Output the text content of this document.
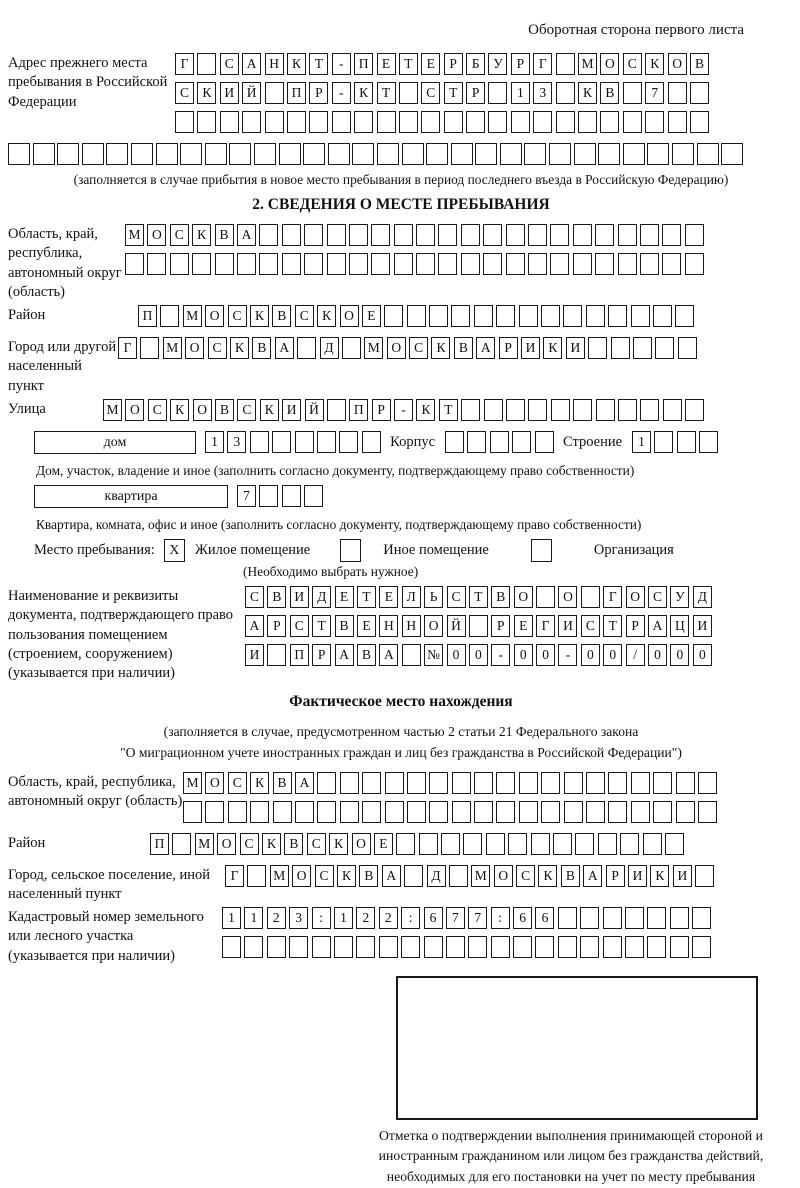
Оборотная сторона первого листа
Адрес прежнего места пребывания в Российской Федерации
Г	С А Н К Т - П Е Т Е Р Б У Р Г	М О С К О В
С К И Й	П Р - К Т	С Т Р	1 3	К В	7
(заполняется в случае прибытия в новое место пребывания в период последнего въезда в Российскую Федерацию)
2. СВЕДЕНИЯ О МЕСТЕ ПРЕБЫВАНИЯ
Область, край, республика, автономный округ (область)
М О С К В А
Район	П	М О С К В С К О Е
Город или другой населенный пункт
Г	М О С К В А	Д	М О С К В А Р И К И
Улица	М О С К О В С К И Й	П Р - К Т
дом	1 3	Корпус	Строение	1
Дом, участок, владение и иное (заполнить согласно документу, подтверждающему право собственности)
квартира	7
Квартира, комната, офис и иное (заполнить согласно документу, подтверждающему право собственности)
Место пребывания:	X	Жилое помещение	Иное помещение	Организация
(Необходимо выбрать нужное)
Наименование и реквизиты документа, подтверждающего право пользования помещением (строением, сооружением) (указывается при наличии)
С В И Д Е Т Е Л Ь С Т В О	О	Г О С У Д
А Р С Т В Е Н Н О Й	Р Е Г И С Т Р А Ц И
И	П Р А В А № 0 0 - 0 0 - 0 0 / 0 0 0
Фактическое место нахождения
(заполняется в случае, предусмотренном частью 2 статьи 21 Федерального закона
"О миграционном учете иностранных граждан и лиц без гражданства в Российской Федерации")
Область, край, республика, автономный округ (область)
М О С К В А
Район	П	М О С К В С К О Е
Город, сельское поселение, иной населенный пункт
Г	М О С К В А	Д	М О С К В А Р И К И
Кадастровый номер земельного или лесного участка (указывается при наличии)
1 1 2 3 : 1 2 2 : 6 7 7 : 6 6
Отметка о подтверждении выполнения принимающей стороной и иностранным гражданином или лицом без гражданства действий, необходимых для его постановки на учет по месту пребывания
